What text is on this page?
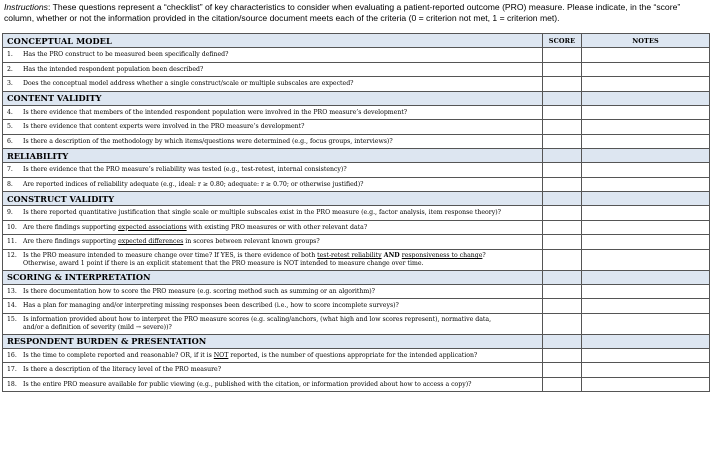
Instructions: These questions represent a “checklist” of key characteristics to consider when evaluating a patient-reported outcome (PRO) measure. Please indicate, in the “score” column, whether or not the information provided in the citation/source document meets each of the criteria (0 = criterion not met, 1 = criterion met).
CONCEPTUAL MODEL	SCORE	NOTES
1. Has the PRO construct to be measured been specifically defined?		
2. Has the intended respondent population been described?		
3. Does the conceptual model address whether a single construct/scale or multiple subscales are expected?		
CONTENT VALIDITY		
4. Is there evidence that members of the intended respondent population were involved in the PRO measure’s development?		
5. Is there evidence that content experts were involved in the PRO measure’s development?		
6. Is there a description of the methodology by which items/questions were determined (e.g., focus groups, interviews)?		
RELIABILITY		
7. Is there evidence that the PRO measure’s reliability was tested (e.g., test-retest, internal consistency)?		
8. Are reported indices of reliability adequate (e.g., ideal: r ≥ 0.80; adequate: r ≥ 0.70; or otherwise justified)?		
CONSTRUCT VALIDITY		
9. Is there reported quantitative justification that single scale or multiple subscales exist in the PRO measure (e.g., factor analysis, item response theory)?		
10. Are there findings supporting expected associations with existing PRO measures or with other relevant data?		
11. Are there findings supporting expected differences in scores between relevant known groups?		
12. Is the PRO measure intended to measure change over time? If YES, is there evidence of both test-retest reliability AND responsiveness to change?
Otherwise, award 1 point if there is an explicit statement that the PRO measure is NOT intended to measure change over time.		

SCORING & INTERPRETATION		
13. Is there documentation how to score the PRO measure (e.g. scoring method such as summing or an algorithm)?		
14. Has a plan for managing and/or interpreting missing responses been described (i.e., how to score incomplete surveys)?		
15. Is information provided about how to interpret the PRO measure scores (e.g. scaling/anchors, (what high and low scores represent), normative data,
and/or a definition of severity (mild → severe))?		

RESPONDENT BURDEN & PRESENTATION		
16. Is the time to complete reported and reasonable? OR, if it is NOT reported, is the number of questions appropriate for the intended application?		
17. Is there a description of the literacy level of the PRO measure?		
18. Is the entire PRO measure available for public viewing (e.g., published with the citation, or information provided about how to access a copy)?		
